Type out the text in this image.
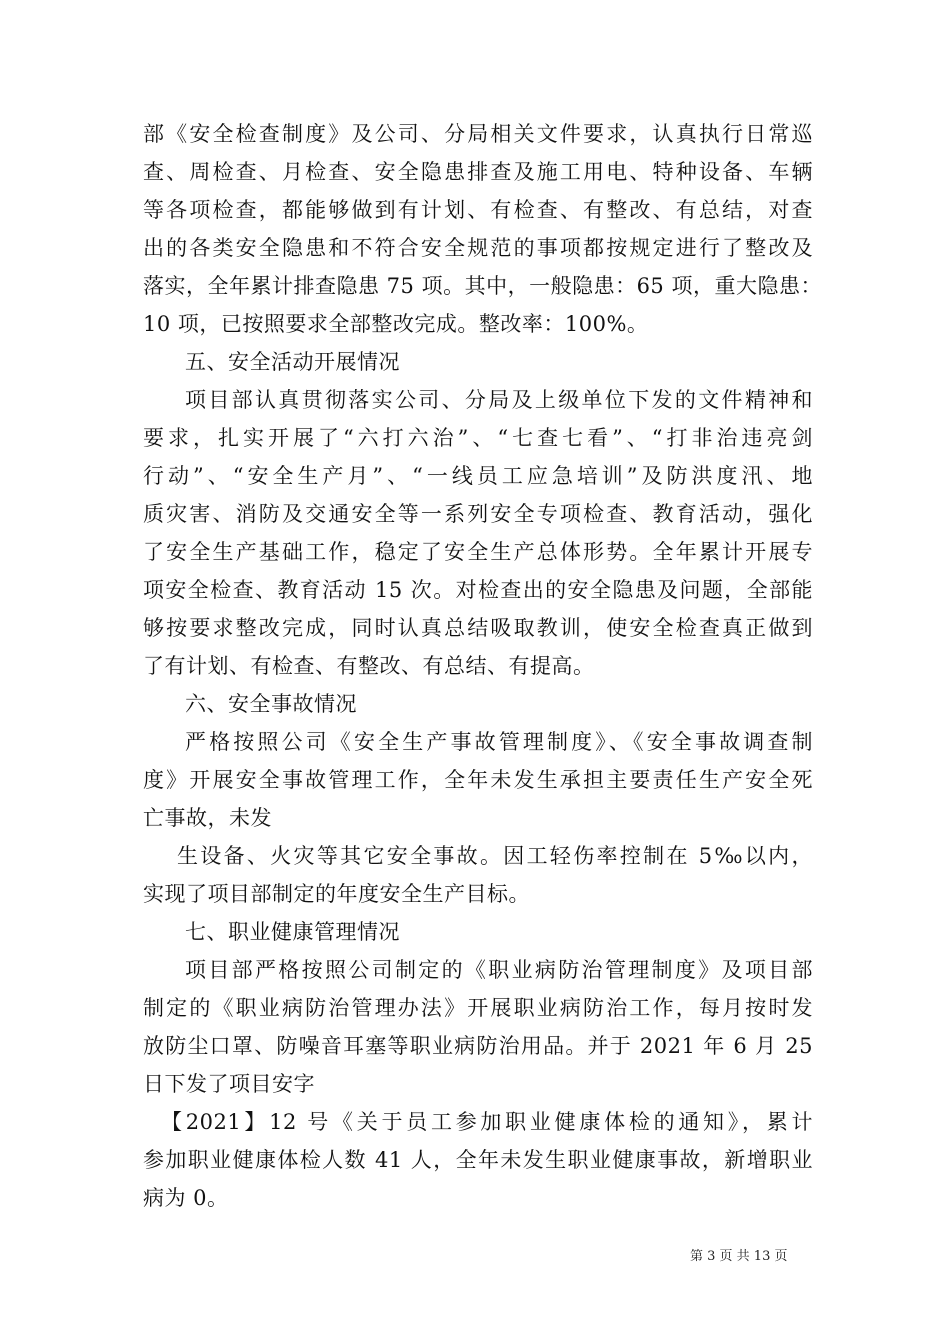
部《安全检查制度》及公司、分局相关文件要求，认真执行日常巡
查、周检查、月检查、安全隐患排查及施工用电、特种设备、车辆
等各项检查，都能够做到有计划、有检查、有整改、有总结，对查
出的各类安全隐患和不符合安全规范的事项都按规定进行了整改及
落实，全年累计排查隐患 75 项。其中，一般隐患：65 项，重大隐患：
10 项，已按照要求全部整改完成。整改率：100%。
五、安全活动开展情况
项目部认真贯彻落实公司、分局及上级单位下发的文件精神和
要求，扎实开展了“六打六治”、“七查七看”、“打非治违亮剑
行动”、“安全生产月”、“一线员工应急培训”及防洪度汛、地
质灾害、消防及交通安全等一系列安全专项检查、教育活动，强化
了安全生产基础工作，稳定了安全生产总体形势。全年累计开展专
项安全检查、教育活动 15 次。对检查出的安全隐患及问题，全部能
够按要求整改完成，同时认真总结吸取教训，使安全检查真正做到
了有计划、有检查、有整改、有总结、有提高。
六、安全事故情况
严格按照公司《安全生产事故管理制度》、《安全事故调查制
度》开展安全事故管理工作，全年未发生承担主要责任生产安全死
亡事故，未发
生设备、火灾等其它安全事故。因工轻伤率控制在 5‰以内，
实现了项目部制定的年度安全生产目标。
七、职业健康管理情况
项目部严格按照公司制定的《职业病防治管理制度》及项目部
制定的《职业病防治管理办法》开展职业病防治工作，每月按时发
放防尘口罩、防噪音耳塞等职业病防治用品。并于 2021 年 6 月 25
日下发了项目安字
【2021】12 号《关于员工参加职业健康体检的通知》，累计
参加职业健康体检人数 41 人，全年未发生职业健康事故，新增职业
病为 0。
第 3 页 共 13 页
